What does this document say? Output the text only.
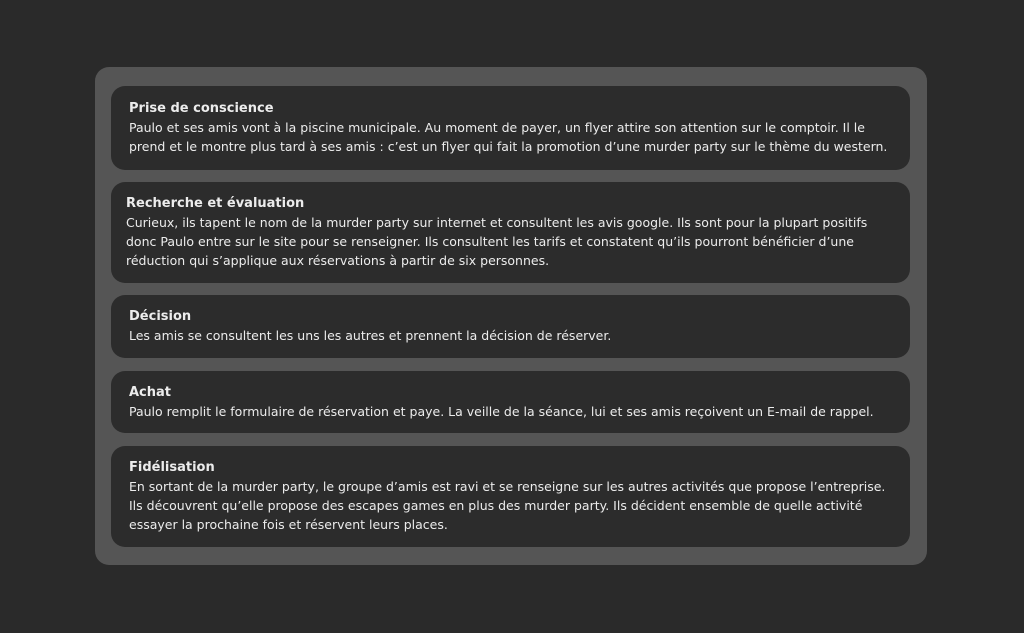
Prise de conscience

Paulo et ses amis vont à la piscine municipale. Au moment de payer, un flyer attire son attention sur le comptoir. Il le prend et le montre plus tard à ses amis : c’est un flyer qui fait la promotion d’une murder party sur le thème du western.

Recherche et évaluation

Curieux, ils tapent le nom de la murder party sur internet et consultent les avis google. Ils sont pour la plupart positifs donc Paulo entre sur le site pour se renseigner. Ils consultent les tarifs et constatent qu’ils pourront bénéficier d’une réduction qui s’applique aux réservations à partir de six personnes.

Décision

Les amis se consultent les uns les autres et prennent la décision de réserver.

Achat

Paulo remplit le formulaire de réservation et paye. La veille de la séance, lui et ses amis reçoivent un E-mail de rappel.

Fidélisation

En sortant de la murder party, le groupe d’amis est ravi et se renseigne sur les autres activités que propose l’entreprise. Ils découvrent qu’elle propose des escapes games en plus des murder party. Ils décident ensemble de quelle activité essayer la prochaine fois et réservent leurs places.
